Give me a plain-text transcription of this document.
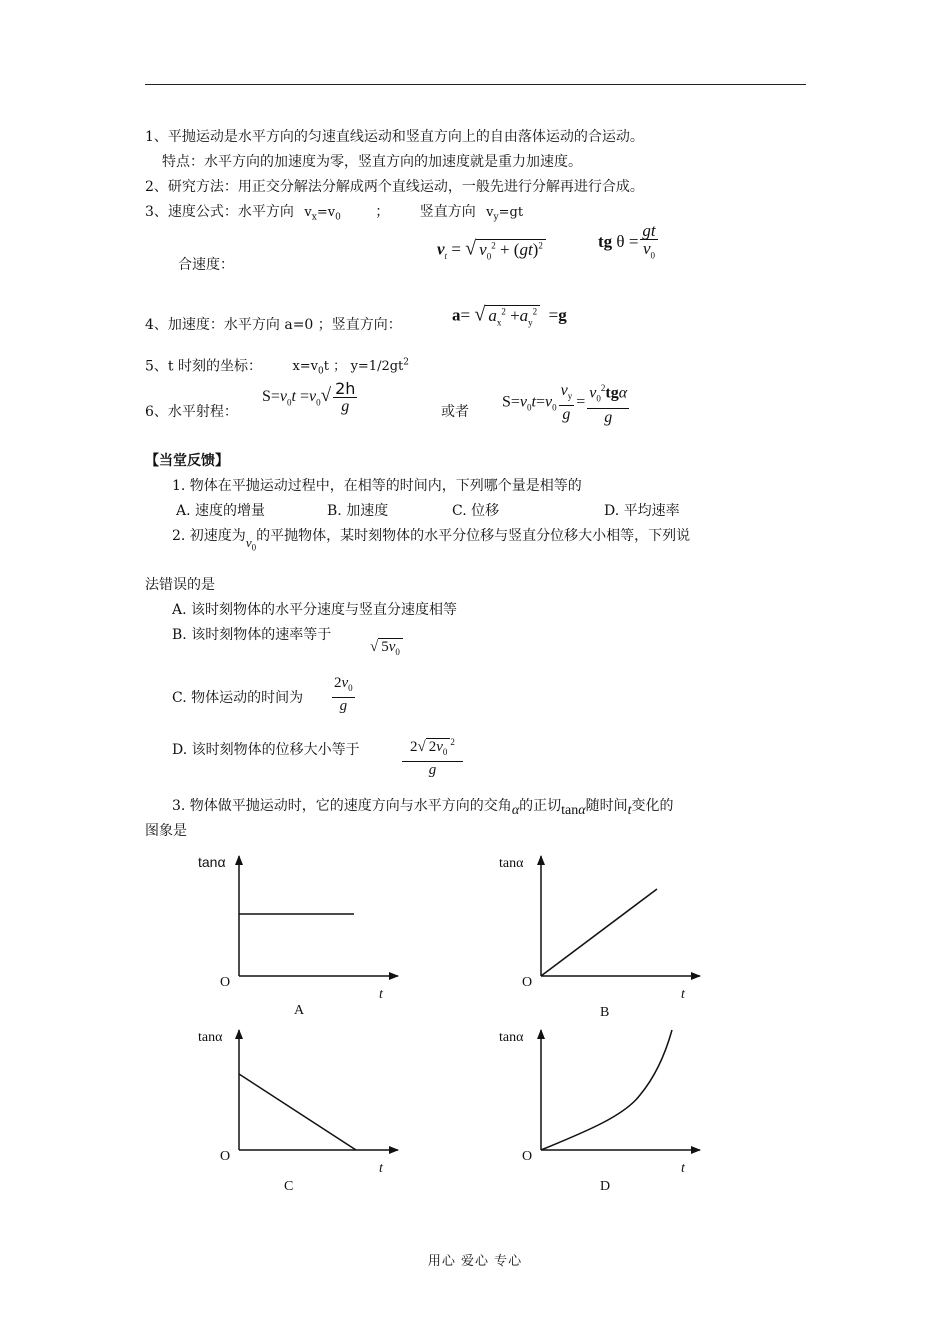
1、平抛运动是水平方向的匀速直线运动和竖直方向上的自由落体运动的合运动。
特点：水平方向的加速度为零，竖直方向的加速度就是重力加速度。
2、研究方法：用正交分解法分解成两个直线运动，一般先进行分解再进行合成。
3、速度公式：水平方向 $v_x=v_0$ ； 竖直方向 $v_y=gt$
$v_t$ = √ $v_0^2 + (gt)^2$	tg $\theta = \frac{gt}{v_0}$
合速度：
4、加速度：水平方向 a=0 ；竖直方向：
a= √ $a_x^2 +a_y^2 =g$
5、t 时刻的坐标： $x=v_0t$ ； $y=1/2gt^2$
6、水平射程：
$S=v_0t =v_0√ \frac{2h}{g}$	或者
$S=v_0t=v_0 \frac{v_y}{g} = \frac{v_0^2tg\alpha}{g}$
【当堂反馈】
1. 物体在平抛运动过程中，在相等的时间内，下列哪个量是相等的
A. 速度的增量	B. 加速度	C. 位移	D. 平均速率
2. 初速度为$v_0$的平抛物体，某时刻物体的水平分位移与竖直分位移大小相等，下列说
法错误的是
A. 该时刻物体的水平分速度与竖直分速度相等
B. 该时刻物体的速率等于
√ $5v_0$
C. 物体运动的时间为 $\frac{2v_0}{g}$
D. 该时刻物体的位移大小等于	$\frac{2√ 2v_0^2}{g}$
3. 物体做平抛运动时，它的速度方向与水平方向的交角α的正切tanα随时间t变化的
图象是
tanα
O
t
A
tanα
O
t
B
tanα
O
t
C
tanα
O
t
D
用心 爱心 专心
